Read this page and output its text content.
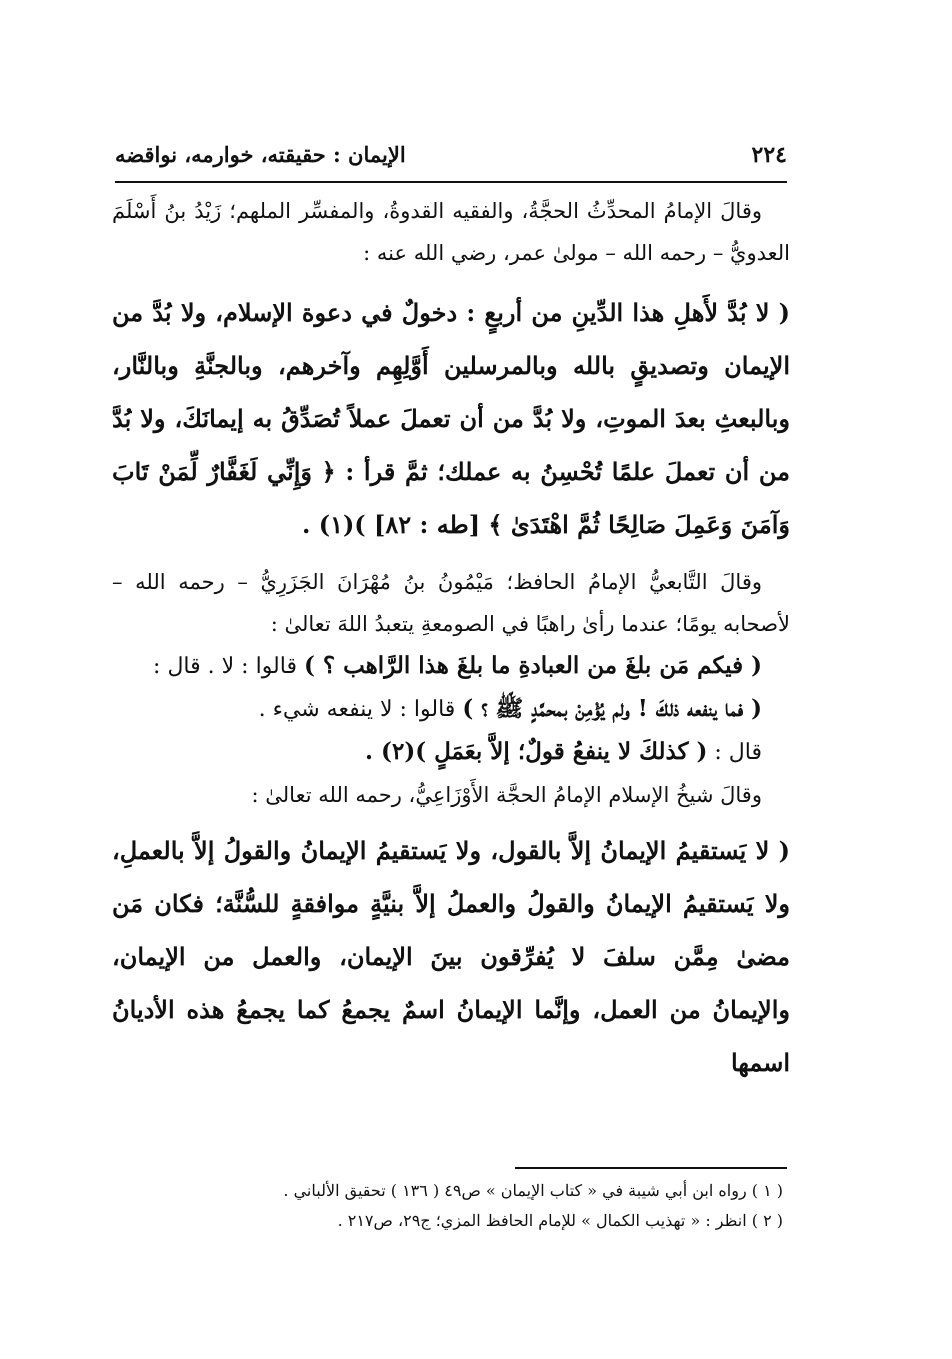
٢٢٤
الإيمان : حقيقته، خوارمه، نواقضه

وقالَ الإمامُ المحدِّثُ الحجَّةُ، والفقيه القدوةُ، والمفسِّر الملهم؛ زَيْدُ بنُ أَسْلَمَ العدويُّ – رحمه الله – مولىٰ عمر، رضي الله عنه :

( لا بُدَّ لأَهلِ هذا الدِّينِ من أربعٍ : دخولٌ في دعوة الإسلام، ولا بُدَّ من الإيمان وتصديقٍ بالله وبالمرسلين أَوَّلِهِم وآخرهم، وبالجنَّةِ وبالنَّار، وبالبعثِ بعدَ الموتِ، ولا بُدَّ من أن تعملَ عملاً تُصَدِّقُ به إيمانَكَ، ولا بُدَّ من أن تعملَ علمًا تُحْسِنُ به عملك؛ ثمَّ قرأ : ﴿ وَإِنِّي لَغَفَّارٌ لِّمَنْ تَابَ وَآمَنَ وَعَمِلَ صَالِحًا ثُمَّ اهْتَدَىٰ ﴾ [طه : ٨٢] )(١) .

وقالَ التَّابعيُّ الإمامُ الحافظ؛ مَيْمُونُ بنُ مُهْرَانَ الجَزَرِيُّ – رحمه الله – لأصحابه يومًا؛ عندما رأىٰ راهبًا في الصومعةِ يتعبدُ اللهَ تعالىٰ :

( فيكم مَن بلغَ من العبادةِ ما بلغَ هذا الرَّاهب ؟ ) قالوا : لا . قال :

( فما ينفعه ذلكَ ! ولم يُؤْمِنْ بمحمَّدٍ ﷺ ؟ ) قالوا : لا ينفعه شيء .

قال : ( كذلكَ لا ينفعُ قولٌ؛ إلاَّ بعَمَلٍ )(٢) .

وقالَ شيخُ الإسلام الإمامُ الحجَّة الأَوْزَاعِيُّ، رحمه الله تعالىٰ :

( لا يَستقيمُ الإيمانُ إلاَّ بالقول، ولا يَستقيمُ الإيمانُ والقولُ إلاَّ بالعملِ، ولا يَستقيمُ الإيمانُ والقولُ والعملُ إلاَّ بنيَّةٍ موافقةٍ للسُّنَّة؛ فكان مَن مضىٰ مِمَّن سلفَ لا يُفرِّقون بينَ الإيمان، والعمل من الإيمان، والإيمانُ من العمل، وإنَّما الإيمانُ اسمٌ يجمعُ كما يجمعُ هذه الأديانُ اسمها

( ١ ) رواه ابن أبي شيبة في « كتاب الإيمان » ص٤٩ ( ١٣٦ ) تحقيق الألباني .

( ٢ ) انظر : « تهذيب الكمال » للإمام الحافظ المزي؛ ج٢٩، ص٢١٧ .
